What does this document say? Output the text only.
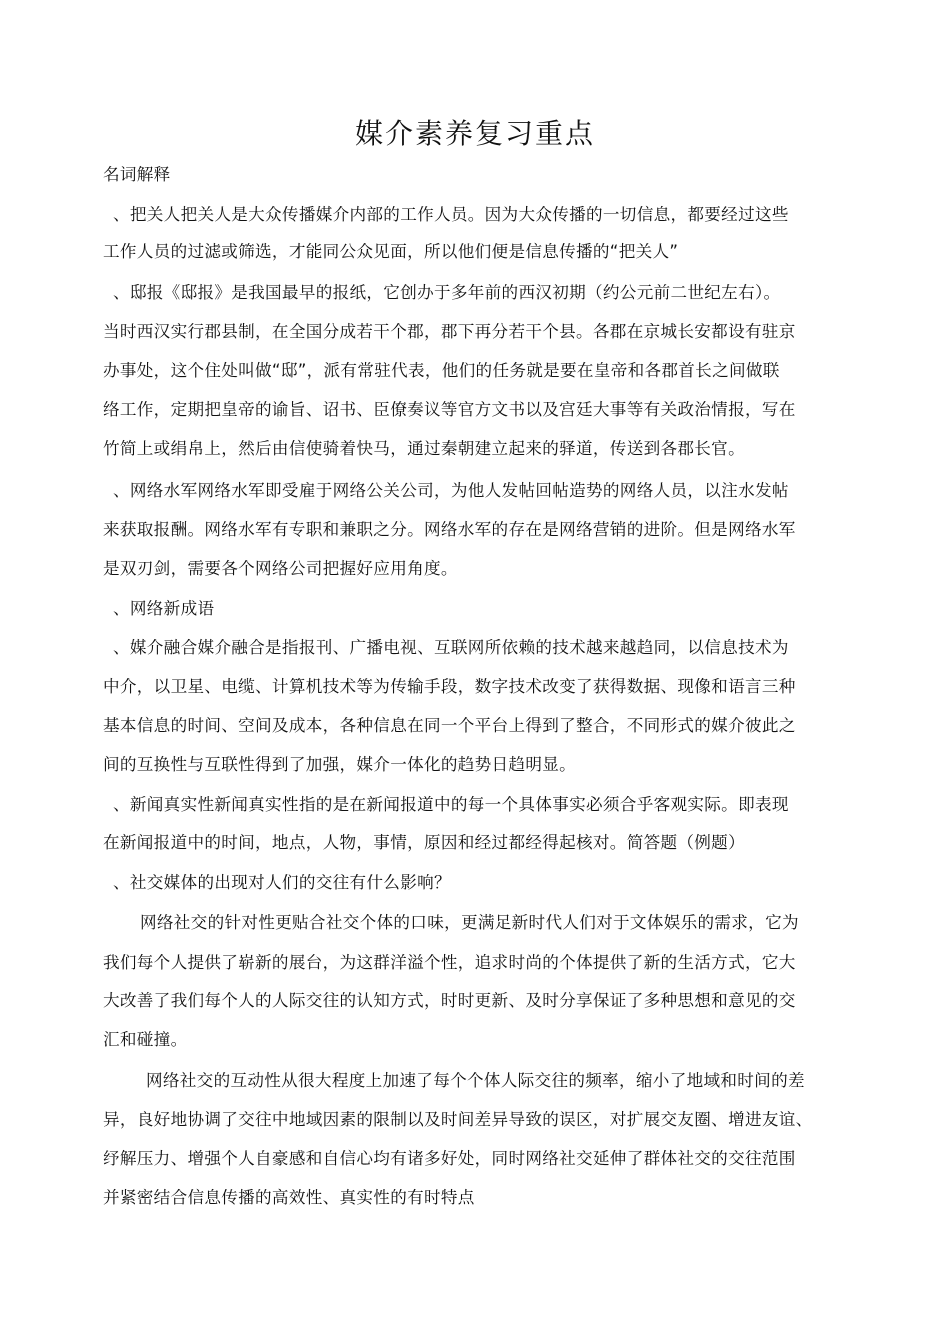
媒介素养复习重点
名词解释
、把关人把关人是大众传播媒介内部的工作人员。因为大众传播的一切信息，都要经过这些
工作人员的过滤或筛选，才能同公众见面，所以他们便是信息传播的“把关人”
、邸报《邸报》是我国最早的报纸，它创办于多年前的西汉初期（约公元前二世纪左右）。
当时西汉实行郡县制，在全国分成若干个郡，郡下再分若干个县。各郡在京城长安都设有驻京
办事处，这个住处叫做“邸”，派有常驻代表，他们的任务就是要在皇帝和各郡首长之间做联
络工作，定期把皇帝的谕旨、诏书、臣僚奏议等官方文书以及宫廷大事等有关政治情报，写在
竹简上或绢帛上，然后由信使骑着快马，通过秦朝建立起来的驿道，传送到各郡长官。
、网络水军网络水军即受雇于网络公关公司，为他人发帖回帖造势的网络人员，以注水发帖
来获取报酬。网络水军有专职和兼职之分。网络水军的存在是网络营销的进阶。但是网络水军
是双刃剑，需要各个网络公司把握好应用角度。
、网络新成语
、媒介融合媒介融合是指报刊、广播电视、互联网所依赖的技术越来越趋同，以信息技术为
中介，以卫星、电缆、计算机技术等为传输手段，数字技术改变了获得数据、现像和语言三种
基本信息的时间、空间及成本，各种信息在同一个平台上得到了整合，不同形式的媒介彼此之
间的互换性与互联性得到了加强，媒介一体化的趋势日趋明显。
、新闻真实性新闻真实性指的是在新闻报道中的每一个具体事实必须合乎客观实际。即表现
在新闻报道中的时间，地点，人物，事情，原因和经过都经得起核对。简答题（例题）
、社交媒体的出现对人们的交往有什么影响？
网络社交的针对性更贴合社交个体的口味，更满足新时代人们对于文体娱乐的需求，它为
我们每个人提供了崭新的展台，为这群洋溢个性，追求时尚的个体提供了新的生活方式，它大
大改善了我们每个人的人际交往的认知方式，时时更新、及时分享保证了多种思想和意见的交
汇和碰撞。
网络社交的互动性从很大程度上加速了每个个体人际交往的频率，缩小了地域和时间的差
异，良好地协调了交往中地域因素的限制以及时间差异导致的误区，对扩展交友圈、增进友谊、
纾解压力、增强个人自豪感和自信心均有诸多好处，同时网络社交延伸了群体社交的交往范围
并紧密结合信息传播的高效性、真实性的有时特点
